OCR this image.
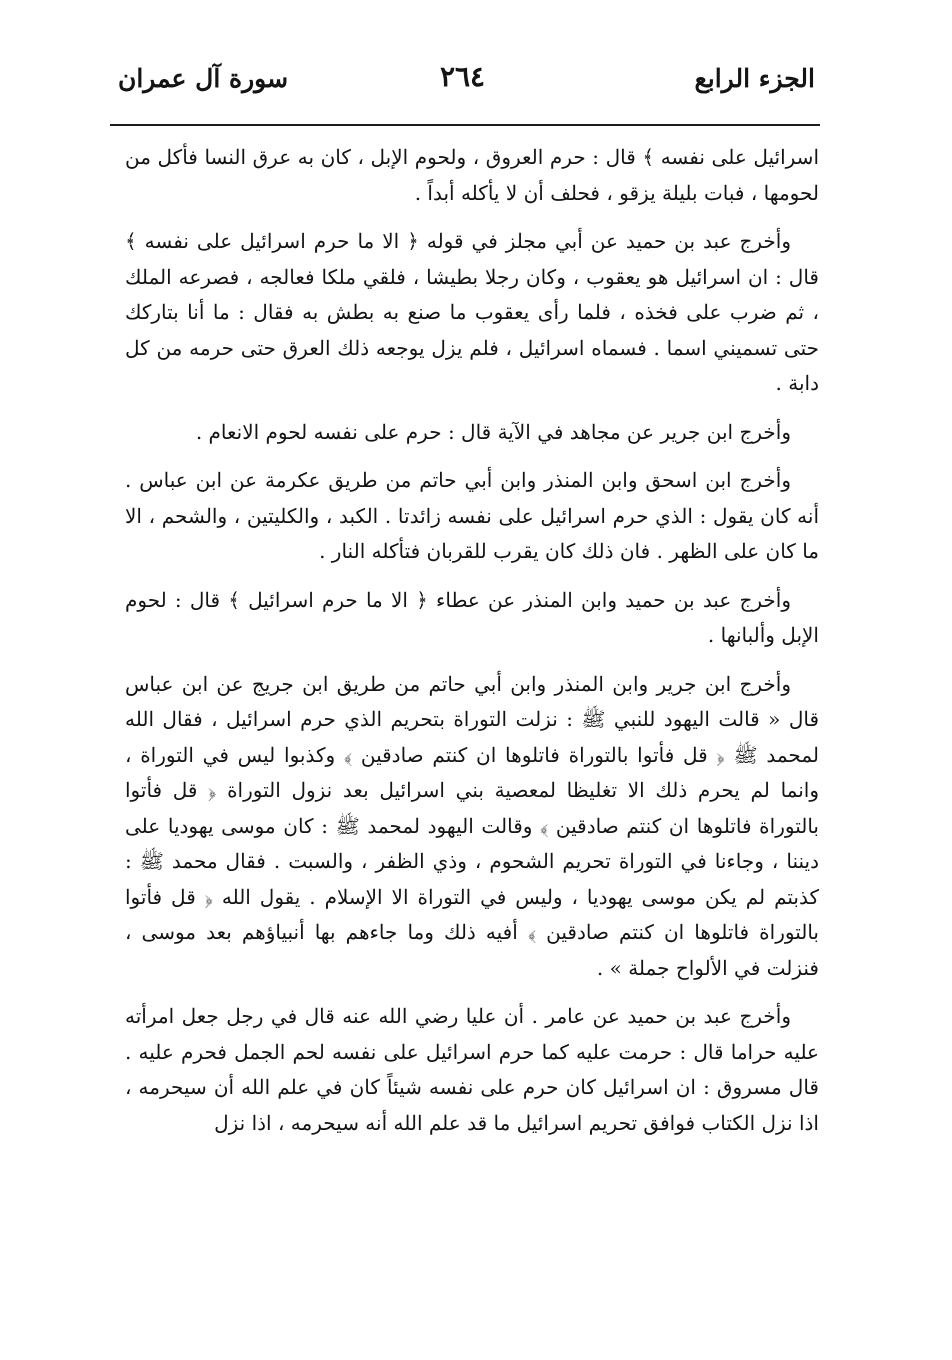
الجزء الرابع
٢٦٤
سورة آل عمران

اسرائيل على نفسه ﴾ قال : حرم العروق ، ولحوم الإبل ، كان به عرق النسا فأكل من لحومها ، فبات بليلة يزقو ، فحلف أن لا يأكله أبداً .

وأخرج عبد بن حميد عن أبي مجلز في قوله ﴿ الا ما حرم اسرائيل على نفسه ﴾ قال : ان اسرائيل هو يعقوب ، وكان رجلا بطيشا ، فلقي ملكا فعالجه ، فصرعه الملك ، ثم ضرب على فخذه ، فلما رأى يعقوب ما صنع به بطش به فقال : ما أنا بتاركك حتى تسميني اسما . فسماه اسرائيل ، فلم يزل يوجعه ذلك العرق حتى حرمه من كل دابة .

وأخرج ابن جرير عن مجاهد في الآية قال : حرم على نفسه لحوم الانعام .

وأخرج ابن اسحق وابن المنذر وابن أبي حاتم من طريق عكرمة عن ابن عباس . أنه كان يقول : الذي حرم اسرائيل على نفسه زائدتا . الكبد ، والكليتين ، والشحم ، الا ما كان على الظهر . فان ذلك كان يقرب للقربان فتأكله النار .

وأخرج عبد بن حميد وابن المنذر عن عطاء ﴿ الا ما حرم اسرائيل ﴾ قال : لحوم الإبل وألبانها .

وأخرج ابن جرير وابن المنذر وابن أبي حاتم من طريق ابن جريج عن ابن عباس قال « قالت اليهود للنبي ﷺ : نزلت التوراة بتحريم الذي حرم اسرائيل ، فقال الله لمحمد ﷺ ﴿ قل فأتوا بالتوراة فاتلوها ان كنتم صادقين ﴾ وكذبوا ليس في التوراة ، وانما لم يحرم ذلك الا تغليظا لمعصية بني اسرائيل بعد نزول التوراة ﴿ قل فأتوا بالتوراة فاتلوها ان كنتم صادقين ﴾ وقالت اليهود لمحمد ﷺ : كان موسى يهوديا على ديننا ، وجاءنا في التوراة تحريم الشحوم ، وذي الظفر ، والسبت . فقال محمد ﷺ : كذبتم لم يكن موسى يهوديا ، وليس في التوراة الا الإسلام . يقول الله ﴿ قل فأتوا بالتوراة فاتلوها ان كنتم صادقين ﴾ أفيه ذلك وما جاءهم بها أنبياؤهم بعد موسى ، فنزلت في الألواح جملة » .

وأخرج عبد بن حميد عن عامر . أن عليا رضي الله عنه قال في رجل جعل امرأته عليه حراما قال : حرمت عليه كما حرم اسرائيل على نفسه لحم الجمل فحرم عليه . قال مسروق : ان اسرائيل كان حرم على نفسه شيئاً كان في علم الله أن سيحرمه ، اذا نزل الكتاب فوافق تحريم اسرائيل ما قد علم الله أنه سيحرمه ، اذا نزل
